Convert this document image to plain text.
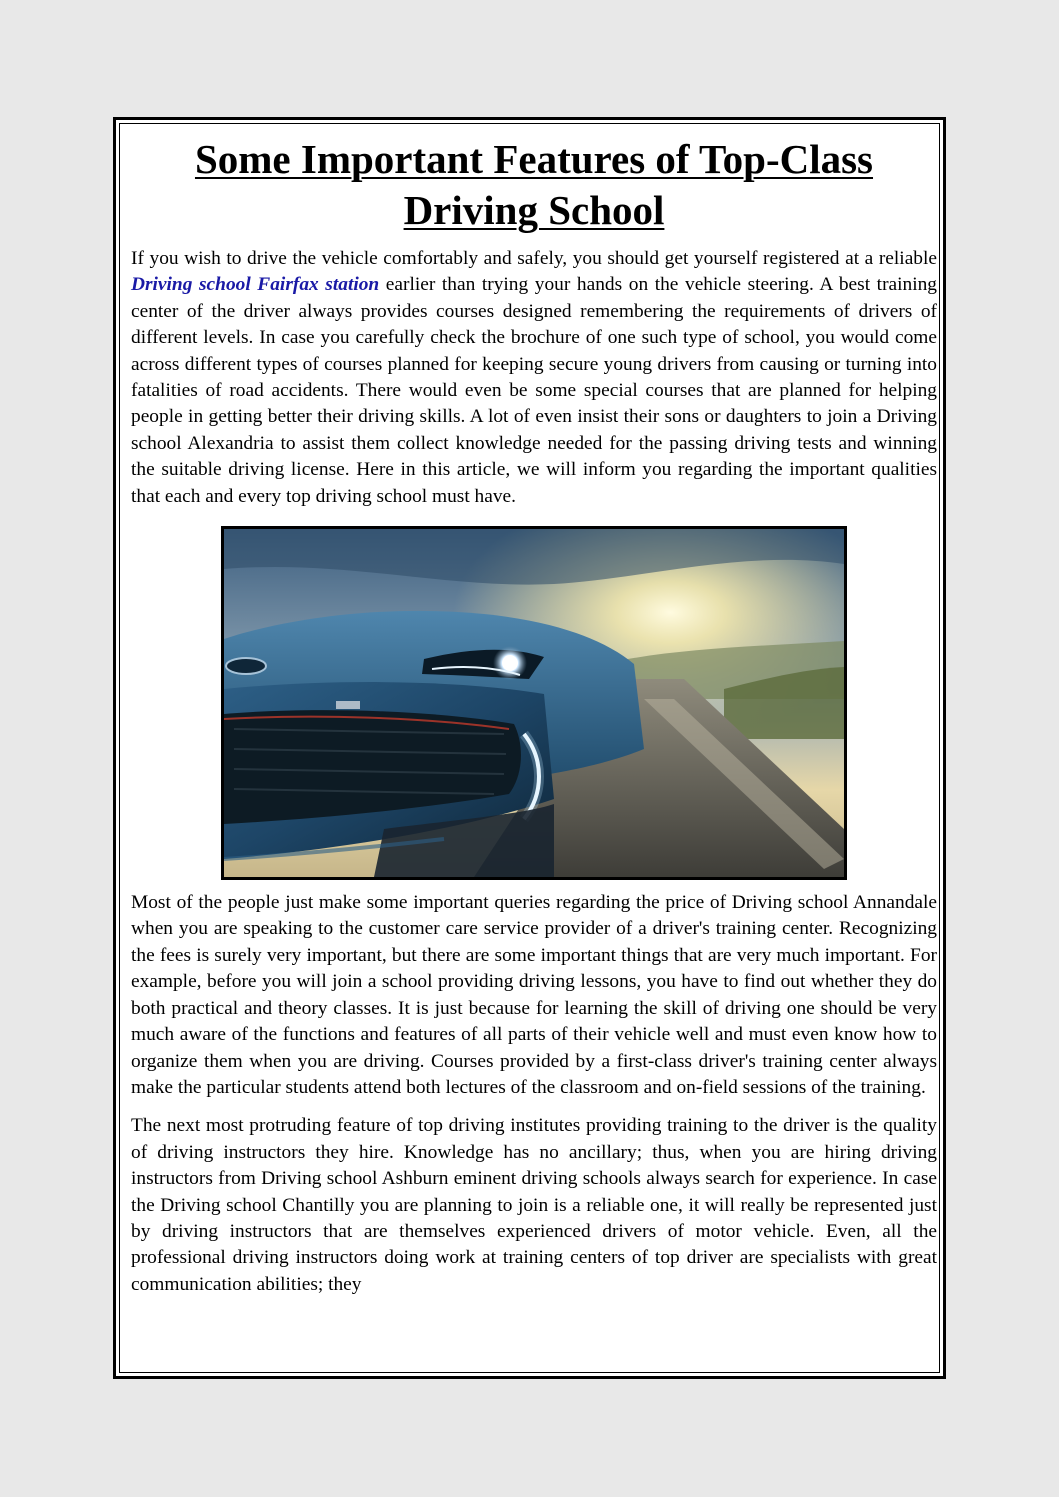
Some Important Features of Top-Class Driving School

If you wish to drive the vehicle comfortably and safely, you should get yourself registered at a reliable Driving school Fairfax station earlier than trying your hands on the vehicle steering. A best training center of the driver always provides courses designed remembering the requirements of drivers of different levels. In case you carefully check the brochure of one such type of school, you would come across different types of courses planned for keeping secure young drivers from causing or turning into fatalities of road accidents. There would even be some special courses that are planned for helping people in getting better their driving skills. A lot of even insist their sons or daughters to join a Driving school Alexandria to assist them collect knowledge needed for the passing driving tests and winning the suitable driving license. Here in this article, we will inform you regarding the important qualities that each and every top driving school must have.

Most of the people just make some important queries regarding the price of Driving school Annandale when you are speaking to the customer care service provider of a driver's training center. Recognizing the fees is surely very important, but there are some important things that are very much important. For example, before you will join a school providing driving lessons, you have to find out whether they do both practical and theory classes. It is just because for learning the skill of driving one should be very much aware of the functions and features of all parts of their vehicle well and must even know how to organize them when you are driving. Courses provided by a first-class driver's training center always make the particular students attend both lectures of the classroom and on-field sessions of the training.

The next most protruding feature of top driving institutes providing training to the driver is the quality of driving instructors they hire. Knowledge has no ancillary; thus, when you are hiring driving instructors from Driving school Ashburn eminent driving schools always search for experience. In case the Driving school Chantilly you are planning to join is a reliable one, it will really be represented just by driving instructors that are themselves experienced drivers of motor vehicle. Even, all the professional driving instructors doing work at training centers of top driver are specialists with great communication abilities; they
